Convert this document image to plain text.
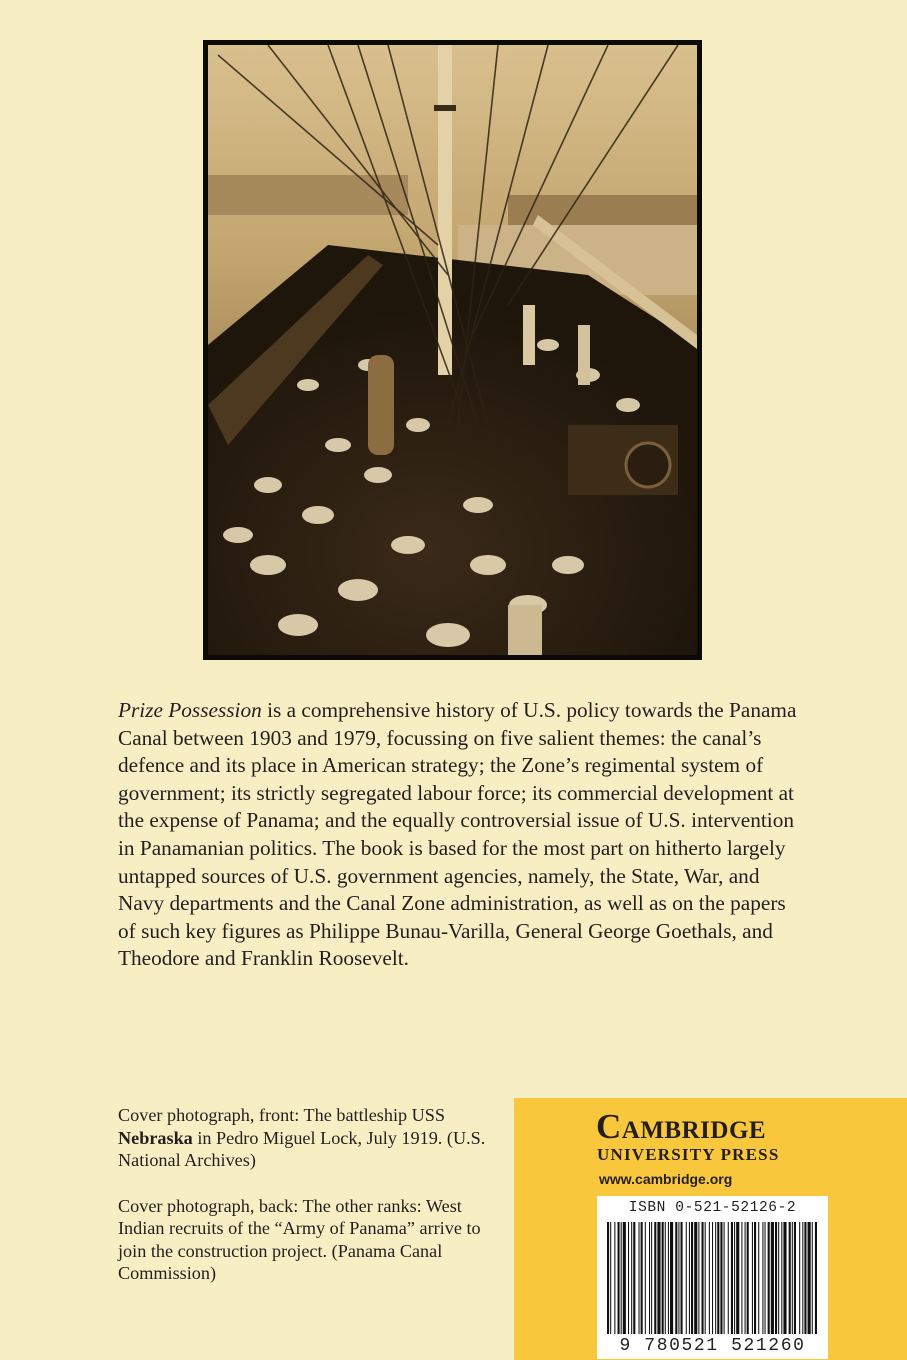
Prize Possession is a comprehensive history of U.S. policy towards the Panama Canal between 1903 and 1979, focussing on five salient themes: the canal’s defence and its place in American strategy; the Zone’s regimental system of government; its strictly segregated labour force; its commercial development at the expense of Panama; and the equally controversial issue of U.S. intervention in Panamanian politics. The book is based for the most part on hitherto largely untapped sources of U.S. government agencies, namely, the State, War, and Navy departments and the Canal Zone administration, as well as on the papers of such key figures as Philippe Bunau-Varilla, General George Goethals, and Theodore and Franklin Roosevelt.

Cover photograph, front: The battleship USS Nebraska in Pedro Miguel Lock, July 1919. (U.S. National Archives)

Cover photograph, back: The other ranks: West Indian recruits of the “Army of Panama” arrive to join the construction project. (Panama Canal Commission)

Cambridge
UNIVERSITY PRESS
www.cambridge.org
ISBN 0-521-52126-2
9 780521 521260
